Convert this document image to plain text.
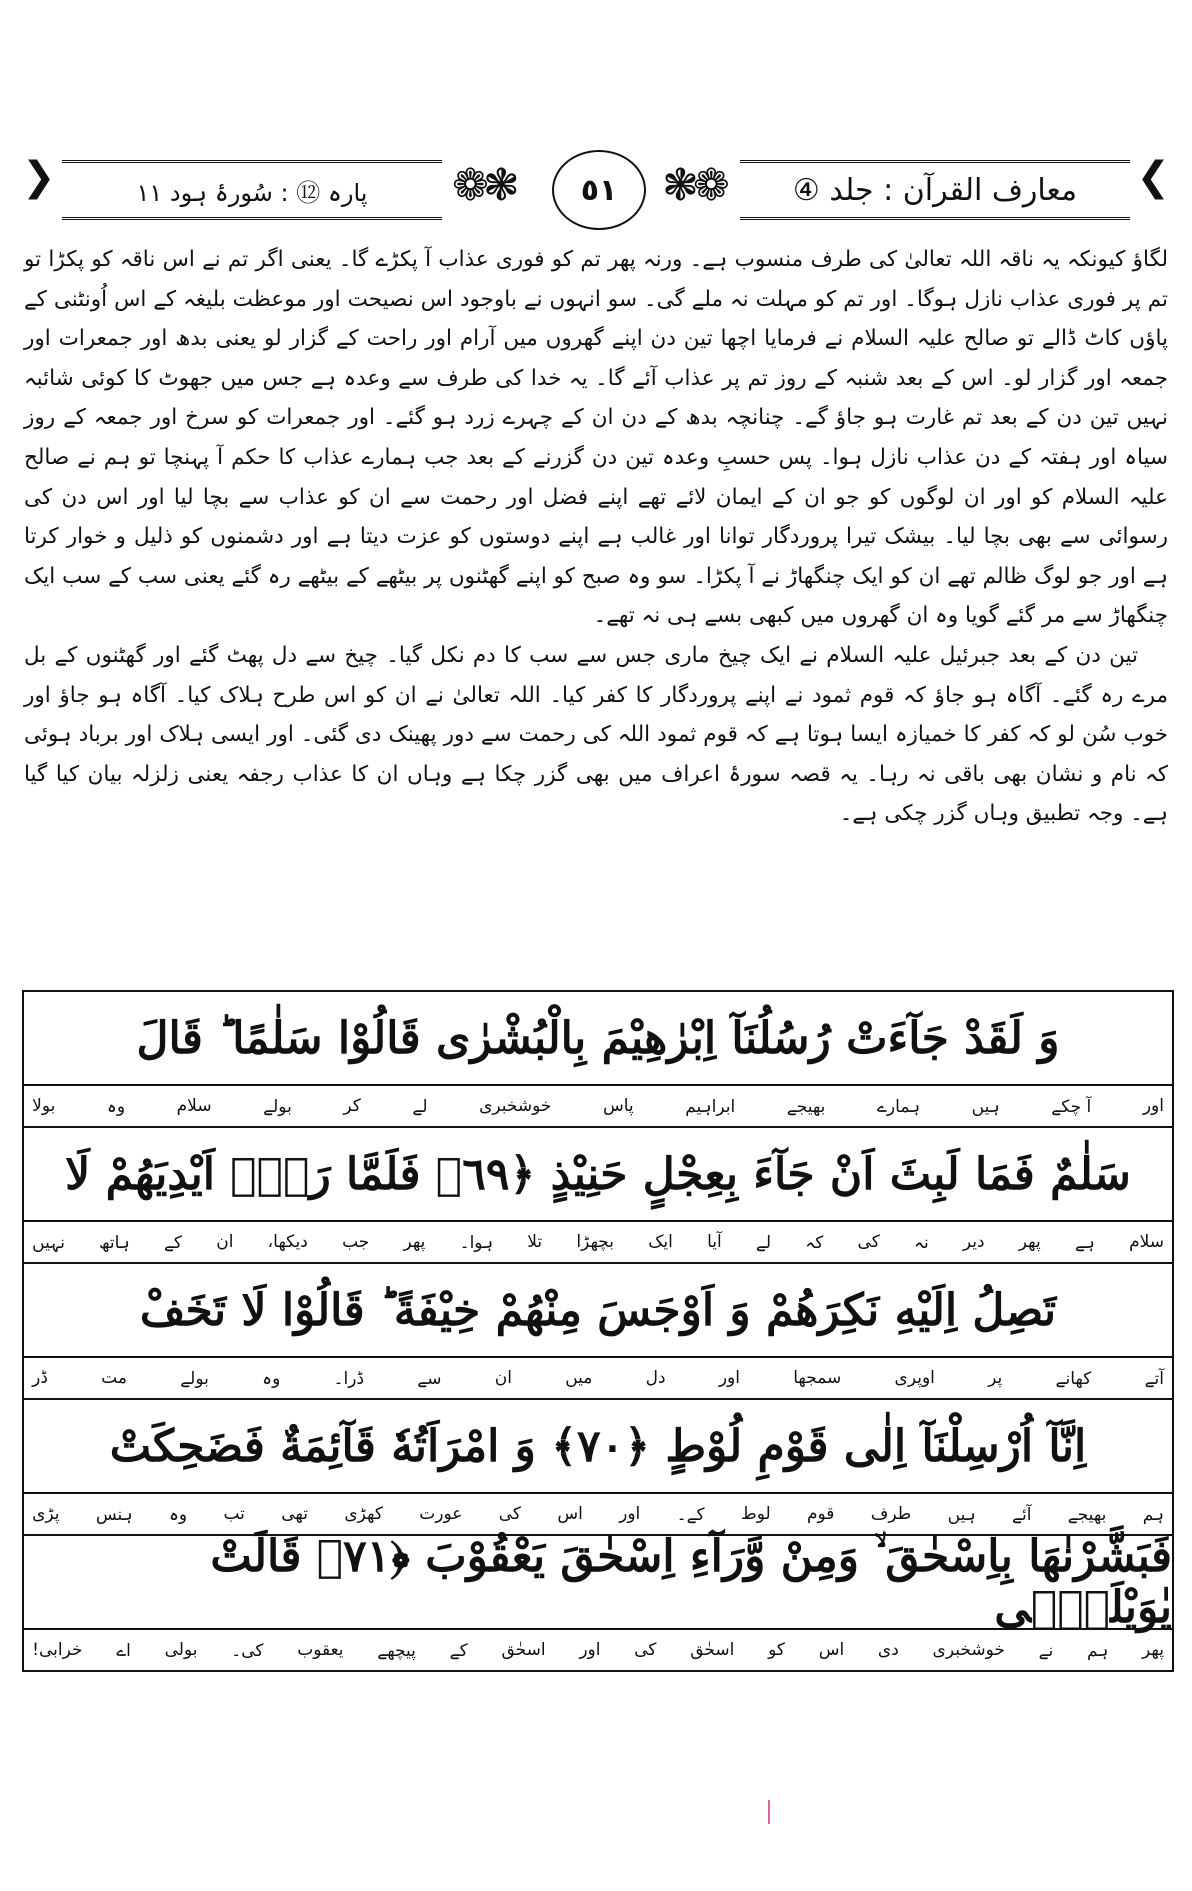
❮
معارف القرآن : جلد ④
❁❃	٥١	❃❁
پارہ ⑫ : سُورۂ ہود ١١
❯

لگاؤ کیونکہ یہ ناقہ اللہ تعالیٰ کی طرف منسوب ہے۔ ورنہ پھر تم کو فوری عذاب آ پکڑے گا۔ یعنی اگر تم نے اس ناقہ کو پکڑا تو تم پر فوری عذاب نازل ہوگا۔ اور تم کو مہلت نہ ملے گی۔ سو انہوں نے باوجود اس نصیحت اور موعظت بلیغہ کے اس اُونٹنی کے پاؤں کاٹ ڈالے تو صالح علیہ السلام نے فرمایا اچھا تین دن اپنے گھروں میں آرام اور راحت کے گزار لو یعنی بدھ اور جمعرات اور جمعہ اور گزار لو۔ اس کے بعد شنبہ کے روز تم پر عذاب آئے گا۔ یہ خدا کی طرف سے وعدہ ہے جس میں جھوٹ کا کوئی شائبہ نہیں تین دن کے بعد تم غارت ہو جاؤ گے۔ چنانچہ بدھ کے دن ان کے چہرے زرد ہو گئے۔ اور جمعرات کو سرخ اور جمعہ کے روز سیاہ اور ہفتہ کے دن عذاب نازل ہوا۔ پس حسبِ وعدہ تین دن گزرنے کے بعد جب ہمارے عذاب کا حکم آ پہنچا تو ہم نے صالح علیہ السلام کو اور ان لوگوں کو جو ان کے ایمان لائے تھے اپنے فضل اور رحمت سے ان کو عذاب سے بچا لیا اور اس دن کی رسوائی سے بھی بچا لیا۔ بیشک تیرا پروردگار توانا اور غالب ہے اپنے دوستوں کو عزت دیتا ہے اور دشمنوں کو ذلیل و خوار کرتا ہے اور جو لوگ ظالم تھے ان کو ایک چنگھاڑ نے آ پکڑا۔ سو وہ صبح کو اپنے گھٹنوں پر بیٹھے کے بیٹھے رہ گئے یعنی سب کے سب ایک چنگھاڑ سے مر گئے گویا وہ ان گھروں میں کبھی بسے ہی نہ تھے۔

تین دن کے بعد جبرئیل علیہ السلام نے ایک چیخ ماری جس سے سب کا دم نکل گیا۔ چیخ سے دل پھٹ گئے اور گھٹنوں کے بل مرے رہ گئے۔ آگاہ ہو جاؤ کہ قوم ثمود نے اپنے پروردگار کا کفر کیا۔ اللہ تعالیٰ نے ان کو اس طرح ہلاک کیا۔ آگاہ ہو جاؤ اور خوب سُن لو کہ کفر کا خمیازہ ایسا ہوتا ہے کہ قوم ثمود اللہ کی رحمت سے دور پھینک دی گئی۔ اور ایسی ہلاک اور برباد ہوئی کہ نام و نشان بھی باقی نہ رہا۔ یہ قصہ سورۂ اعراف میں بھی گزر چکا ہے وہاں ان کا عذاب رجفہ یعنی زلزلہ بیان کیا گیا ہے۔ وجہ تطبیق وہاں گزر چکی ہے۔

وَ لَقَدْ جَآءَتْ رُسُلُنَآ اِبْرٰهِيْمَ بِالْبُشْرٰى قَالُوْا سَلٰمًا ؕ قَالَ
اور
آ چکے
ہیں
ہمارے
بھیجے
ابراہیم
پاس
خوشخبری
لے
کر
بولے
سلام
وہ
بولا
سَلٰمٌ فَمَا لَبِثَ اَنْ جَآءَ بِعِجْلٍ حَنِيْذٍ ﴿٦٩﴾ فَلَمَّا رَاٰۤ اَيْدِيَهُمْ لَا
سلام
ہے
پھر
دیر
نہ
کی
کہ
لے
آیا
ایک
بچھڑا
تلا
ہوا۔
پھر
جب
دیکھا،
ان
کے
ہاتھ
نہیں
تَصِلُ اِلَيْهِ نَكِرَهُمْ وَ اَوْجَسَ مِنْهُمْ خِيْفَةً ؕ قَالُوْا لَا تَخَفْ
آتے
کھانے
پر
اوپری
سمجھا
اور
دل
میں
ان
سے
ڈرا۔
وہ
بولے
مت
ڈر
اِنَّآ اُرْسِلْنَآ اِلٰى قَوْمِ لُوْطٍ ﴿٧٠﴾ وَ امْرَاَتُهٗ قَآئِمَةٌ فَضَحِكَتْ
ہم
بھیجے
آئے
ہیں
طرف
قوم
لوط
کے۔
اور
اس
کی
عورت
کھڑی
تھی
تب
وہ
ہنس
پڑی
فَبَشَّرْنٰهَا بِاِسْحٰقَ ۙ وَمِنْ وَّرَآءِ اِسْحٰقَ يَعْقُوْبَ ﴿٧١﴾ قَالَتْ يٰوَيْلَتٰۤى
پھر
ہم
نے
خوشخبری
دی
اس
کو
اسحٰق
کی
اور
اسحٰق
کے
پیچھے
یعقوب
کی۔
بولی
اے
خرابی!
